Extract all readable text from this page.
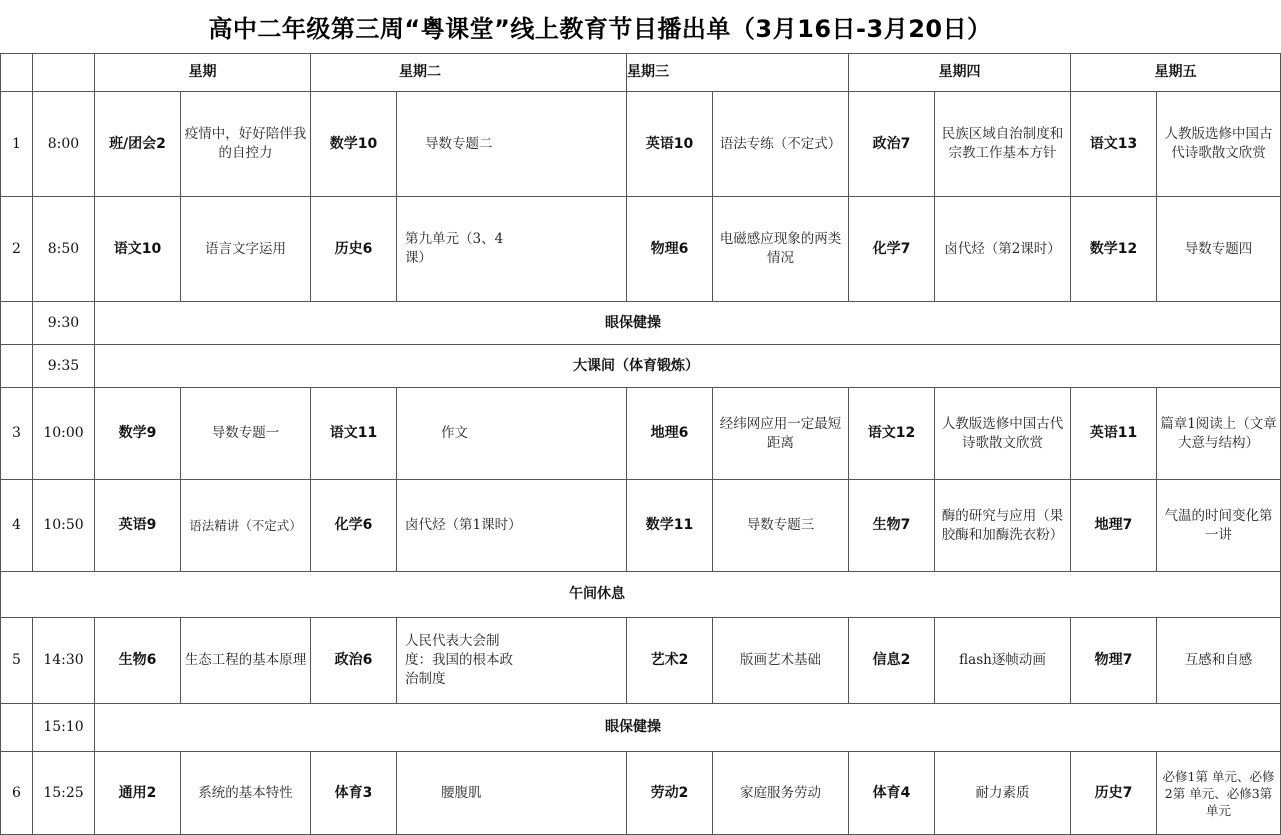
高中二年级第三周“粤课堂”线上教育节目播出单（3月16日-3月20日）
		星期		星期二		星期三		星期四		星期五	
1	8:00	班/团会2	疫情中，好好陪伴我的自控力	数学10	导数专题二	英语10	语法专练（不定式）	政治7	民族区域自治制度和宗教工作基本方针	语文13	人教版选修中国古代诗歌散文欣赏
2	8:50	语文10	语言文字运用	历史6	第九单元（3、4课）	物理6	电磁感应现象的两类情况	化学7	卤代烃（第2课时）	数学12	导数专题四
	9:30	眼保健操									
	9:35	大课间（体育锻炼）									
3	10:00	数学9	导数专题一	语文11	作文	地理6	经纬网应用一定最短距离	语文12	人教版选修中国古代诗歌散文欣赏	英语11	篇章1阅读上（文章大意与结构）
4	10:50	英语9	语法精讲（不定式）	化学6	卤代烃（第1课时）	数学11	导数专题三	生物7	酶的研究与应用（果胶酶和加酶洗衣粉）	地理7	气温的时间变化第一讲
午间休息											
5	14:30	生物6	生态工程的基本原理	政治6	人民代表大会制度：我国的根本政治制度	艺术2	版画艺术基础	信息2	flash逐帧动画	物理7	互感和自感
	15:10	眼保健操									
6	15:25	通用2	系统的基本特性	体育3	腰腹肌	劳动2	家庭服务劳动	体育4	耐力素质	历史7	必修1第 单元、必修2第 单元、必修3第 单元
